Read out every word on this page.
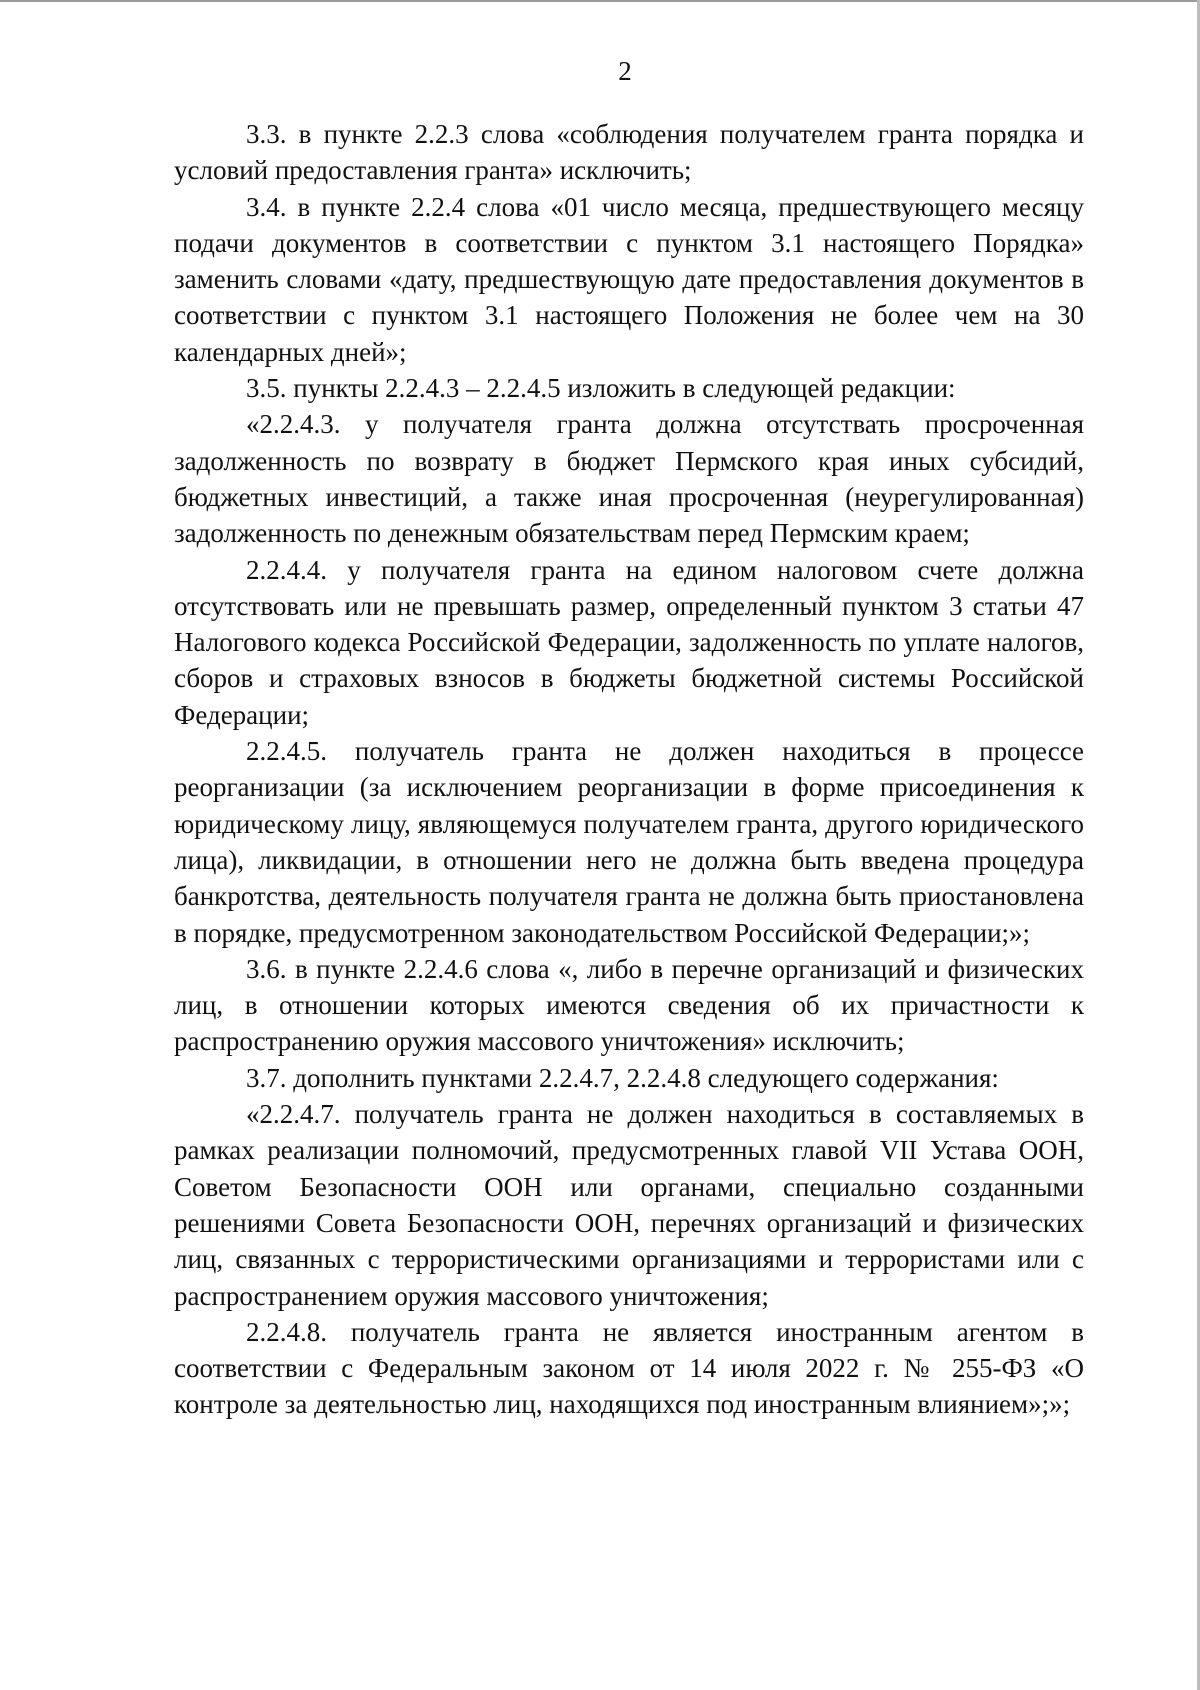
2

3.3. в пункте 2.2.3 слова «соблюдения получателем гранта порядка и условий предоставления гранта» исключить;

3.4. в пункте 2.2.4 слова «01 число месяца, предшествующего месяцу подачи документов в соответствии с пунктом 3.1 настоящего Порядка» заменить словами «дату, предшествующую дате предоставления документов в соответствии с пунктом 3.1 настоящего Положения не более чем на 30 календарных дней»;

3.5. пункты 2.2.4.3 – 2.2.4.5 изложить в следующей редакции:

«2.2.4.3. у получателя гранта должна отсутствать просроченная задолженность по возврату в бюджет Пермского края иных субсидий, бюджетных инвестиций, а также иная просроченная (неурегулированная) задолженность по денежным обязательствам перед Пермским краем;

2.2.4.4. у получателя гранта на едином налоговом счете должна отсутствовать или не превышать размер, определенный пунктом 3 статьи 47 Налогового кодекса Российской Федерации, задолженность по уплате налогов, сборов и страховых взносов в бюджеты бюджетной системы Российской Федерации;

2.2.4.5. получатель гранта не должен находиться в процессе реорганизации (за исключением реорганизации в форме присоединения к юридическому лицу, являющемуся получателем гранта, другого юридического лица), ликвидации, в отношении него не должна быть введена процедура банкротства, деятельность получателя гранта не должна быть приостановлена в порядке, предусмотренном законодательством Российской Федерации;»;

3.6. в пункте 2.2.4.6 слова «, либо в перечне организаций и физических лиц, в отношении которых имеются сведения об их причастности к распространению оружия массового уничтожения» исключить;

3.7. дополнить пунктами 2.2.4.7, 2.2.4.8 следующего содержания:

«2.2.4.7. получатель гранта не должен находиться в составляемых в рамках реализации полномочий, предусмотренных главой VII Устава ООН, Советом Безопасности ООН или органами, специально созданными решениями Совета Безопасности ООН, перечнях организаций и физических лиц, связанных с террористическими организациями и террористами или с распространением оружия массового уничтожения;

2.2.4.8. получатель гранта не является иностранным агентом в соответствии с Федеральным законом от 14 июля 2022 г. № 255-ФЗ «О контроле за деятельностью лиц, находящихся под иностранным влиянием»;»;
